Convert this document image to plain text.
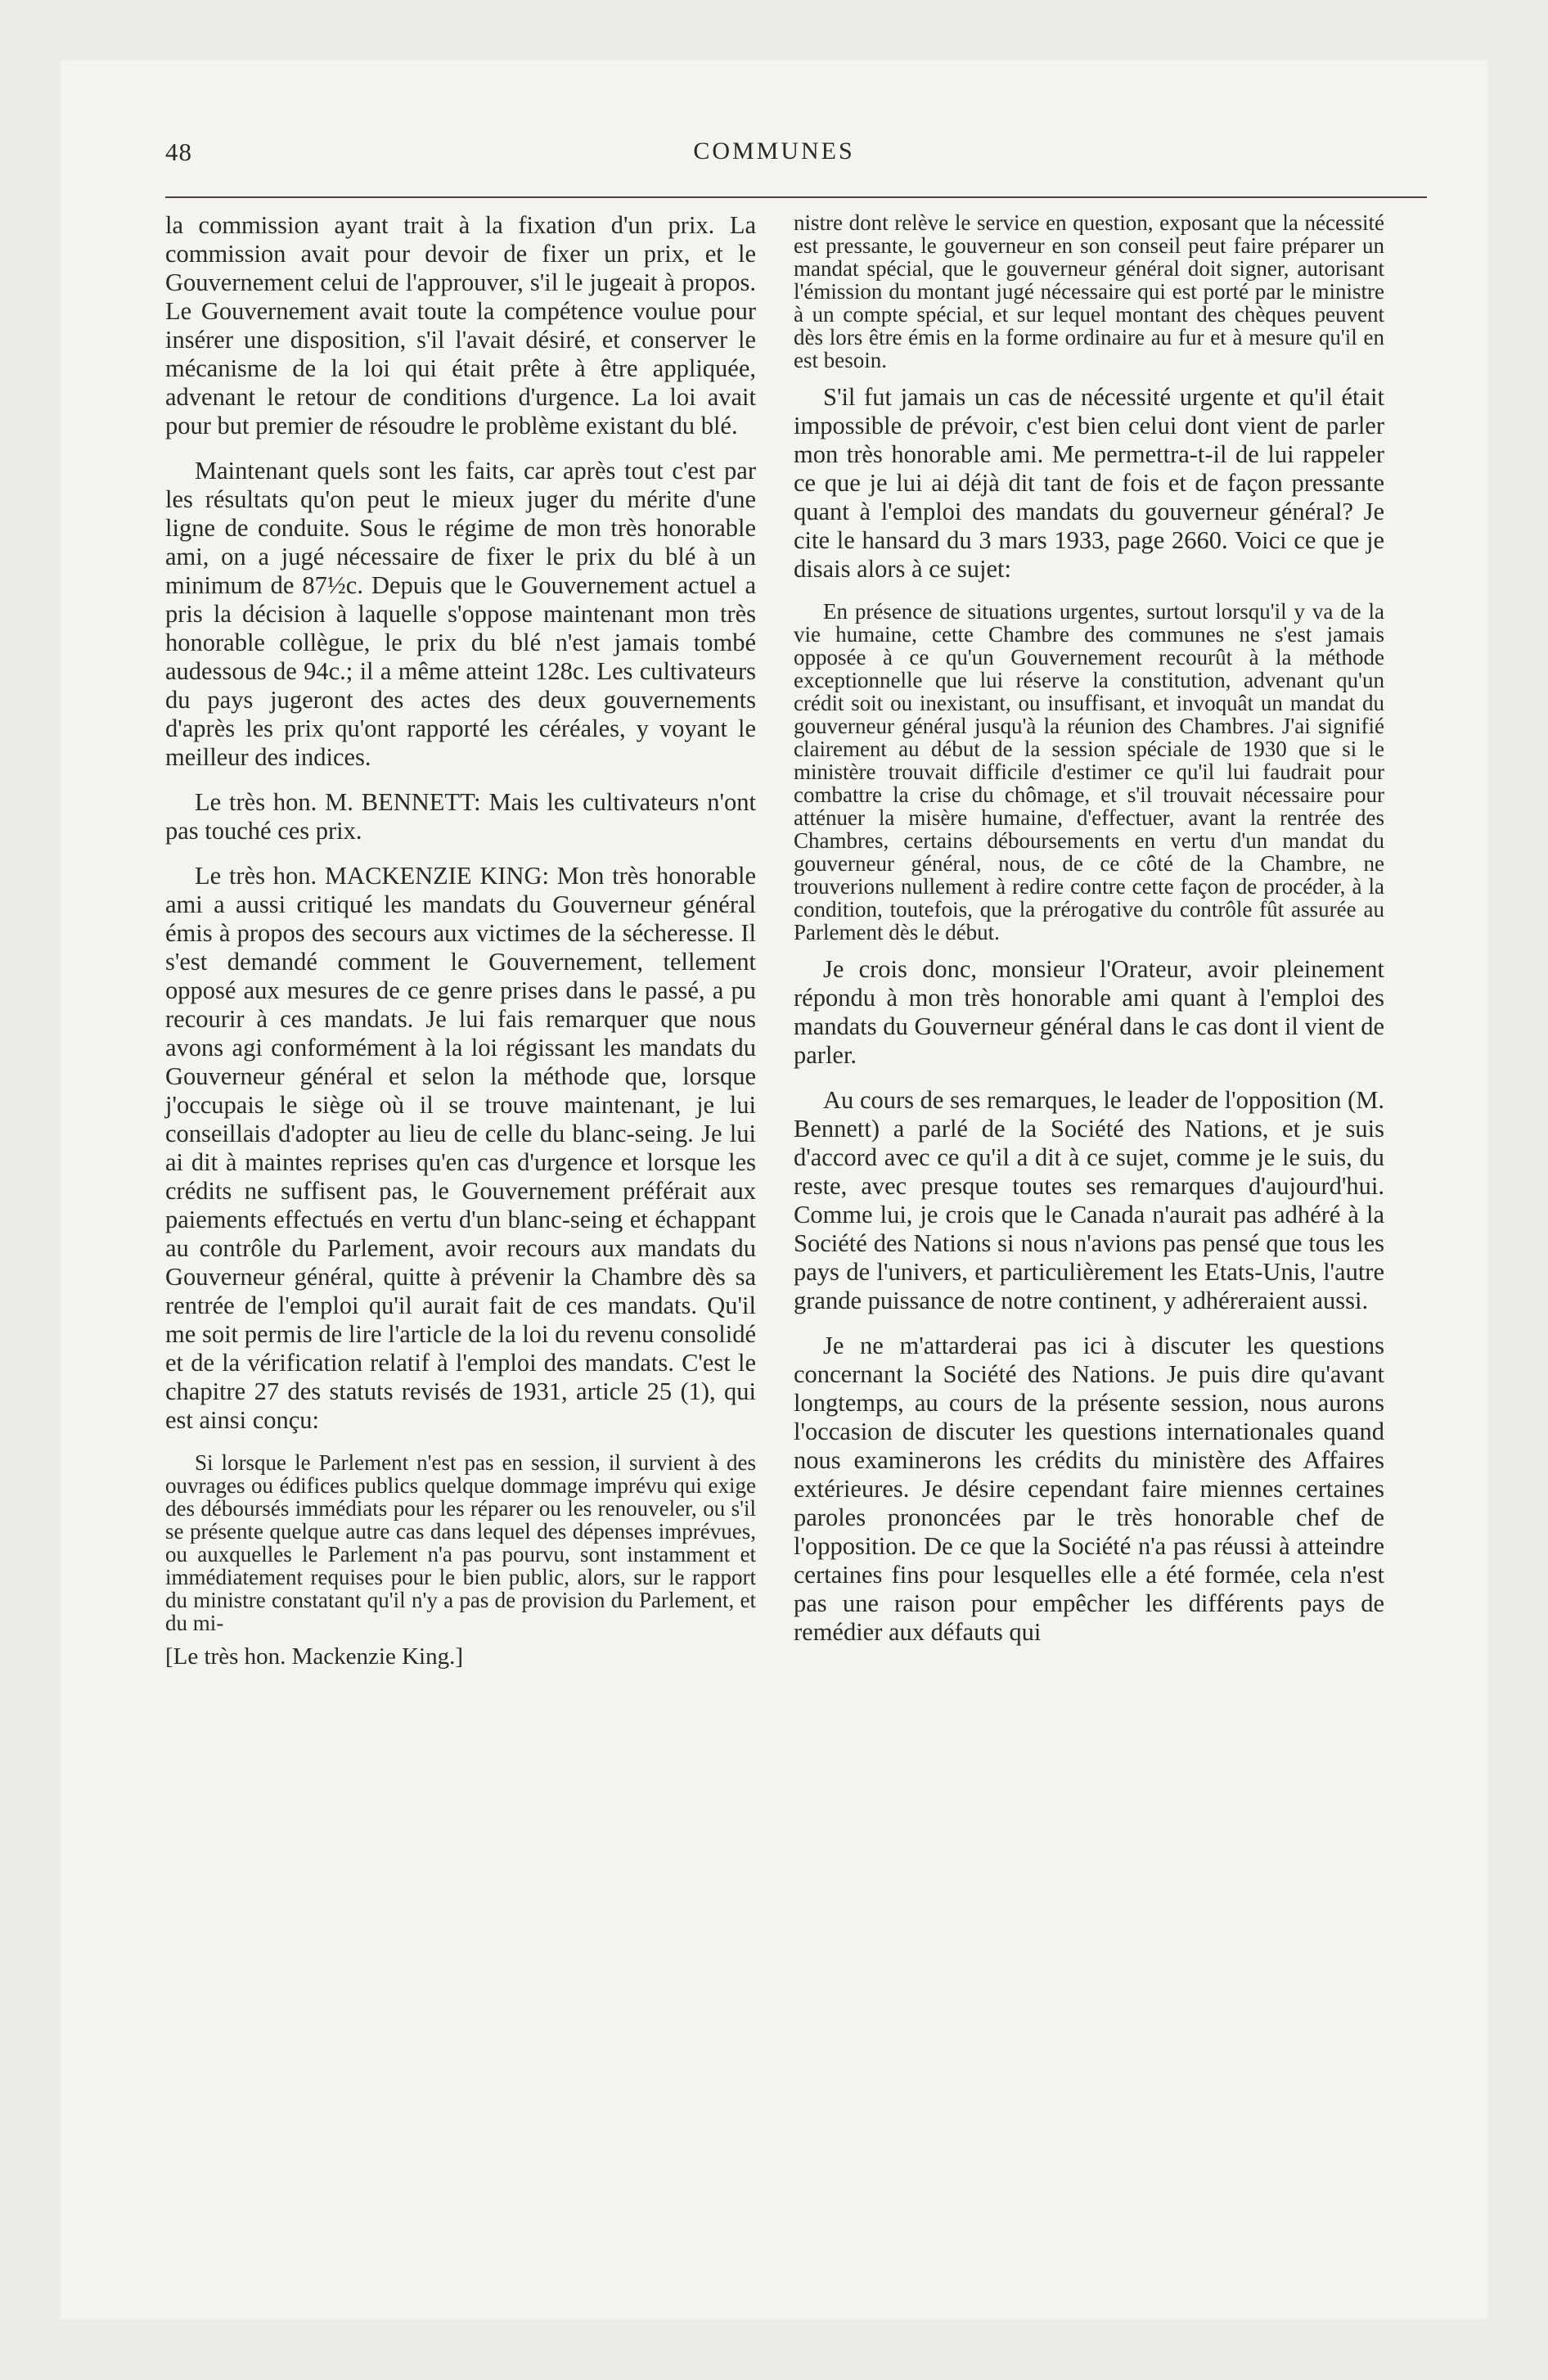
48	COMMUNES

la commission ayant trait à la fixation d'un prix. La commission avait pour devoir de fixer un prix, et le Gouvernement celui de l'approuver, s'il le jugeait à propos. Le Gouvernement avait toute la compétence voulue pour insérer une disposition, s'il l'avait désiré, et conserver le mécanisme de la loi qui était prête à être appliquée, advenant le retour de conditions d'urgence. La loi avait pour but premier de résoudre le problème existant du blé.

Maintenant quels sont les faits, car après tout c'est par les résultats qu'on peut le mieux juger du mérite d'une ligne de conduite. Sous le régime de mon très honorable ami, on a jugé nécessaire de fixer le prix du blé à un minimum de 87½c. Depuis que le Gouvernement actuel a pris la décision à laquelle s'oppose maintenant mon très honorable collègue, le prix du blé n'est jamais tombé audessous de 94c.; il a même atteint 128c. Les cultivateurs du pays jugeront des actes des deux gouvernements d'après les prix qu'ont rapporté les céréales, y voyant le meilleur des indices.

Le très hon. M. BENNETT: Mais les cultivateurs n'ont pas touché ces prix.

Le très hon. MACKENZIE KING: Mon très honorable ami a aussi critiqué les mandats du Gouverneur général émis à propos des secours aux victimes de la sécheresse. Il s'est demandé comment le Gouvernement, tellement opposé aux mesures de ce genre prises dans le passé, a pu recourir à ces mandats. Je lui fais remarquer que nous avons agi conformément à la loi régissant les mandats du Gouverneur général et selon la méthode que, lorsque j'occupais le siège où il se trouve maintenant, je lui conseillais d'adopter au lieu de celle du blanc-seing. Je lui ai dit à maintes reprises qu'en cas d'urgence et lorsque les crédits ne suffisent pas, le Gouvernement préférait aux paiements effectués en vertu d'un blanc-seing et échappant au contrôle du Parlement, avoir recours aux mandats du Gouverneur général, quitte à prévenir la Chambre dès sa rentrée de l'emploi qu'il aurait fait de ces mandats. Qu'il me soit permis de lire l'article de la loi du revenu consolidé et de la vérification relatif à l'emploi des mandats. C'est le chapitre 27 des statuts revisés de 1931, article 25 (1), qui est ainsi conçu:

Si lorsque le Parlement n'est pas en session, il survient à des ouvrages ou édifices publics quelque dommage imprévu qui exige des déboursés immédiats pour les réparer ou les renouveler, ou s'il se présente quelque autre cas dans lequel des dépenses imprévues, ou auxquelles le Parlement n'a pas pourvu, sont instamment et immédiatement requises pour le bien public, alors, sur le rapport du ministre constatant qu'il n'y a pas de provision du Parlement, et du mi-

[Le très hon. Mackenzie King.]

nistre dont relève le service en question, exposant que la nécessité est pressante, le gouverneur en son conseil peut faire préparer un mandat spécial, que le gouverneur général doit signer, autorisant l'émission du montant jugé nécessaire qui est porté par le ministre à un compte spécial, et sur lequel montant des chèques peuvent dès lors être émis en la forme ordinaire au fur et à mesure qu'il en est besoin.

S'il fut jamais un cas de nécessité urgente et qu'il était impossible de prévoir, c'est bien celui dont vient de parler mon très honorable ami. Me permettra-t-il de lui rappeler ce que je lui ai déjà dit tant de fois et de façon pressante quant à l'emploi des mandats du gouverneur général? Je cite le hansard du 3 mars 1933, page 2660. Voici ce que je disais alors à ce sujet:

En présence de situations urgentes, surtout lorsqu'il y va de la vie humaine, cette Chambre des communes ne s'est jamais opposée à ce qu'un Gouvernement recourût à la méthode exceptionnelle que lui réserve la constitution, advenant qu'un crédit soit ou inexistant, ou insuffisant, et invoquât un mandat du gouverneur général jusqu'à la réunion des Chambres. J'ai signifié clairement au début de la session spéciale de 1930 que si le ministère trouvait difficile d'estimer ce qu'il lui faudrait pour combattre la crise du chômage, et s'il trouvait nécessaire pour atténuer la misère humaine, d'effectuer, avant la rentrée des Chambres, certains déboursements en vertu d'un mandat du gouverneur général, nous, de ce côté de la Chambre, ne trouverions nullement à redire contre cette façon de procéder, à la condition, toutefois, que la prérogative du contrôle fût assurée au Parlement dès le début.

Je crois donc, monsieur l'Orateur, avoir pleinement répondu à mon très honorable ami quant à l'emploi des mandats du Gouverneur général dans le cas dont il vient de parler.

Au cours de ses remarques, le leader de l'opposition (M. Bennett) a parlé de la Société des Nations, et je suis d'accord avec ce qu'il a dit à ce sujet, comme je le suis, du reste, avec presque toutes ses remarques d'aujourd'hui. Comme lui, je crois que le Canada n'aurait pas adhéré à la Société des Nations si nous n'avions pas pensé que tous les pays de l'univers, et particulièrement les Etats-Unis, l'autre grande puissance de notre continent, y adhéreraient aussi.

Je ne m'attarderai pas ici à discuter les questions concernant la Société des Nations. Je puis dire qu'avant longtemps, au cours de la présente session, nous aurons l'occasion de discuter les questions internationales quand nous examinerons les crédits du ministère des Affaires extérieures. Je désire cependant faire miennes certaines paroles prononcées par le très honorable chef de l'opposition. De ce que la Société n'a pas réussi à atteindre certaines fins pour lesquelles elle a été formée, cela n'est pas une raison pour empêcher les différents pays de remédier aux défauts qui
